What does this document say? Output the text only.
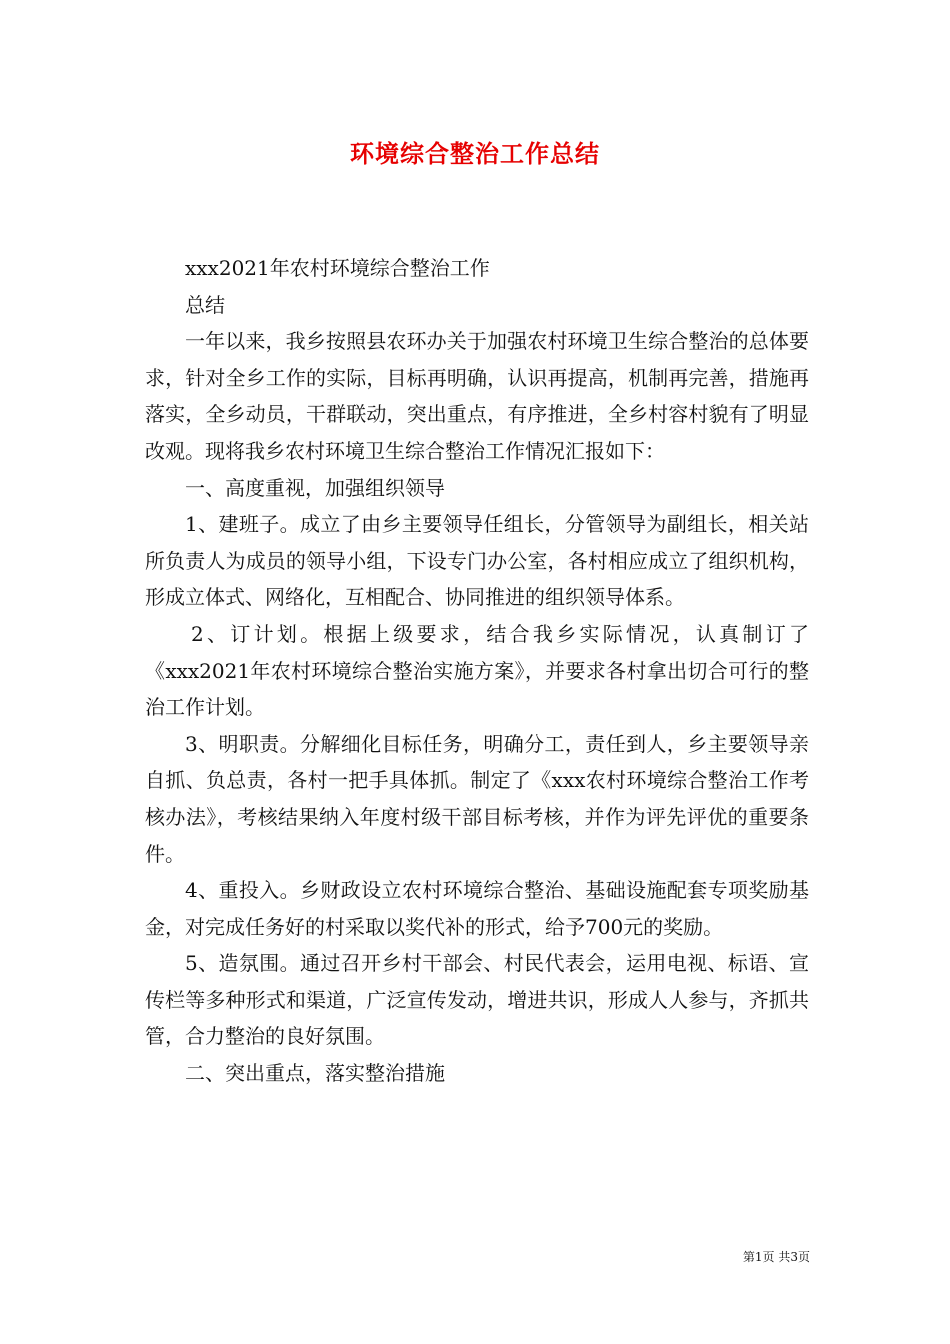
环境综合整治工作总结
xxx2021年农村环境综合整治工作
总结

一年以来，我乡按照县农环办关于加强农村环境卫生综合整治的总体要求，针对全乡工作的实际，目标再明确，认识再提高，机制再完善，措施再落实，全乡动员，干群联动，突出重点，有序推进，全乡村容村貌有了明显改观。现将我乡农村环境卫生综合整治工作情况汇报如下：

一、高度重视，加强组织领导

1、建班子。成立了由乡主要领导任组长，分管领导为副组长，相关站所负责人为成员的领导小组，下设专门办公室，各村相应成立了组织机构，形成立体式、网络化，互相配合、协同推进的组织领导体系。

2、订计划。根据上级要求，结合我乡实际情况，认真制订了《xxx2021年农村环境综合整治实施方案》，并要求各村拿出切合可行的整治工作计划。

3、明职责。分解细化目标任务，明确分工，责任到人，乡主要领导亲自抓、负总责，各村一把手具体抓。制定了《xxx农村环境综合整治工作考核办法》，考核结果纳入年度村级干部目标考核，并作为评先评优的重要条件。

4、重投入。乡财政设立农村环境综合整治、基础设施配套专项奖励基金，对完成任务好的村采取以奖代补的形式，给予700元的奖励。

5、造氛围。通过召开乡村干部会、村民代表会，运用电视、标语、宣传栏等多种形式和渠道，广泛宣传发动，增进共识，形成人人参与，齐抓共管，合力整治的良好氛围。

二、突出重点，落实整治措施

第1页 共3页
